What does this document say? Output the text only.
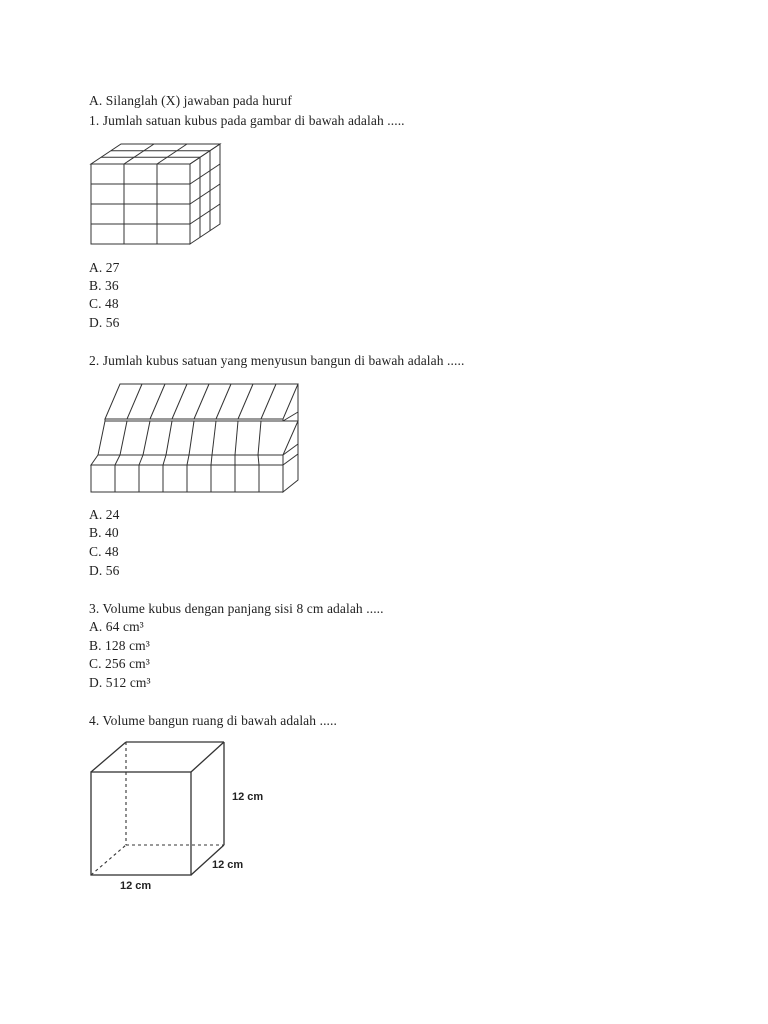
A. Silanglah (X) jawaban pada huruf
1. Jumlah satuan kubus pada gambar di bawah adalah .....
A. 27
B. 36
C. 48
D. 56
2. Jumlah kubus satuan yang menyusun bangun di bawah adalah .....
A. 24
B. 40
C. 48
D. 56
3. Volume kubus dengan panjang sisi 8 cm adalah .....
A. 64 cm³
B. 128 cm³
C. 256 cm³
D. 512 cm³
4. Volume bangun ruang di bawah adalah .....
12 cm
12 cm
12 cm
